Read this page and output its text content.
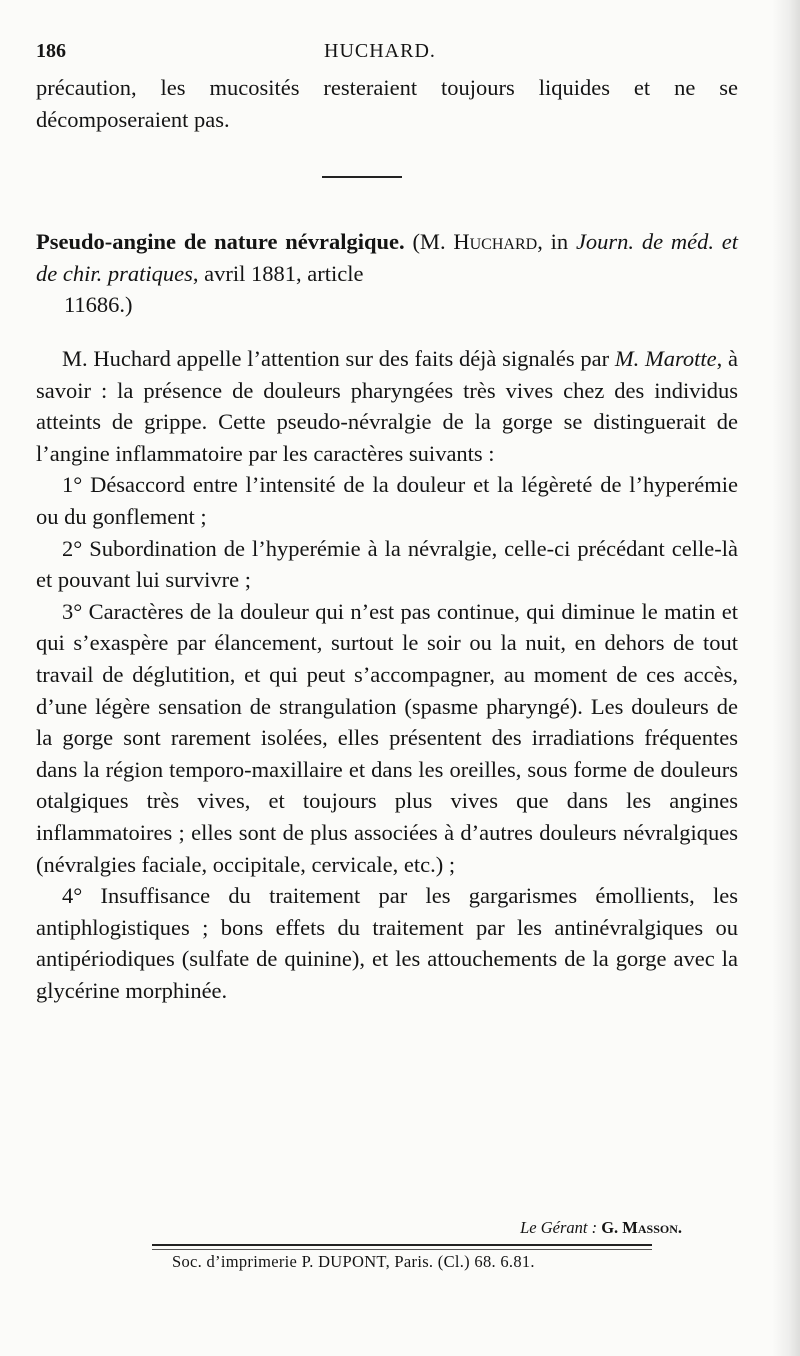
186	HUCHARD.
précaution, les mucosités resteraient toujours liquides et ne se décomposeraient pas.
Pseudo-angine de nature névralgique. (M. Huchard, in Journ. de méd. et de chir. pratiques, avril 1881, article
11686.)
M. Huchard appelle l’attention sur des faits déjà signalés par M. Marotte, à savoir : la présence de douleurs pharyngées très vives chez des individus atteints de grippe. Cette pseudo-névralgie de la gorge se distinguerait de l’angine inflammatoire par les caractères suivants :
1° Désaccord entre l’intensité de la douleur et la légèreté de l’hyperémie ou du gonflement ;
2° Subordination de l’hyperémie à la névralgie, celle-ci précédant celle-là et pouvant lui survivre ;
3° Caractères de la douleur qui n’est pas continue, qui diminue le matin et qui s’exaspère par élancement, surtout le soir ou la nuit, en dehors de tout travail de déglutition, et qui peut s’accompagner, au moment de ces accès, d’une légère sensation de strangulation (spasme pharyngé). Les douleurs de la gorge sont rarement isolées, elles présentent des irradiations fréquentes dans la région temporo-maxillaire et dans les oreilles, sous forme de douleurs otalgiques très vives, et toujours plus vives que dans les angines inflammatoires ; elles sont de plus associées à d’autres douleurs névralgiques (névralgies faciale, occipitale, cervicale, etc.) ;
4° Insuffisance du traitement par les gargarismes émollients, les antiphlogistiques ; bons effets du traitement par les antinévralgiques ou antipériodiques (sulfate de quinine), et les attouchements de la gorge avec la glycérine morphinée.
Le Gérant : G. Masson.
Soc. d’imprimerie P. DUPONT, Paris. (Cl.) 68. 6.81.
